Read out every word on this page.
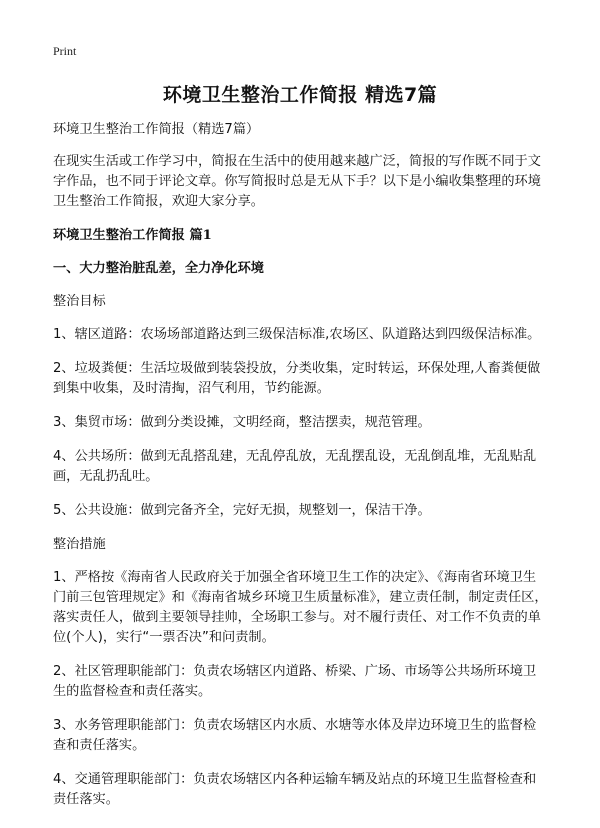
Print
环境卫生整治工作简报 精选7篇

环境卫生整治工作简报（精选7篇）

在现实生活或工作学习中，简报在生活中的使用越来越广泛，简报的写作既不同于文字作品，也不同于评论文章。你写简报时总是无从下手？以下是小编收集整理的环境卫生整治工作简报，欢迎大家分享。

环境卫生整治工作简报 篇1

一、大力整治脏乱差，全力净化环境

整治目标

1、辖区道路：农场场部道路达到三级保洁标准,农场区、队道路达到四级保洁标准。

2、垃圾粪便：生活垃圾做到装袋投放，分类收集，定时转运，环保处理,人畜粪便做到集中收集，及时清掏，沼气利用，节约能源。

3、集贸市场：做到分类设摊，文明经商，整洁摆卖，规范管理。

4、公共场所：做到无乱搭乱建，无乱停乱放，无乱摆乱设，无乱倒乱堆，无乱贴乱画，无乱扔乱吐。

5、公共设施：做到完备齐全，完好无损，规整划一，保洁干净。

整治措施

1、严格按《海南省人民政府关于加强全省环境卫生工作的决定》、《海南省环境卫生门前三包管理规定》和《海南省城乡环境卫生质量标准》，建立责任制，制定责任区，落实责任人，做到主要领导挂帅，全场职工参与。对不履行责任、对工作不负责的单位(个人)，实行“一票否决”和问责制。

2、社区管理职能部门：负责农场辖区内道路、桥梁、广场、市场等公共场所环境卫生的监督检查和责任落实。

3、水务管理职能部门：负责农场辖区内水质、水塘等水体及岸边环境卫生的监督检查和责任落实。

4、交通管理职能部门：负责农场辖区内各种运输车辆及站点的环境卫生监督检查和责任落实。
